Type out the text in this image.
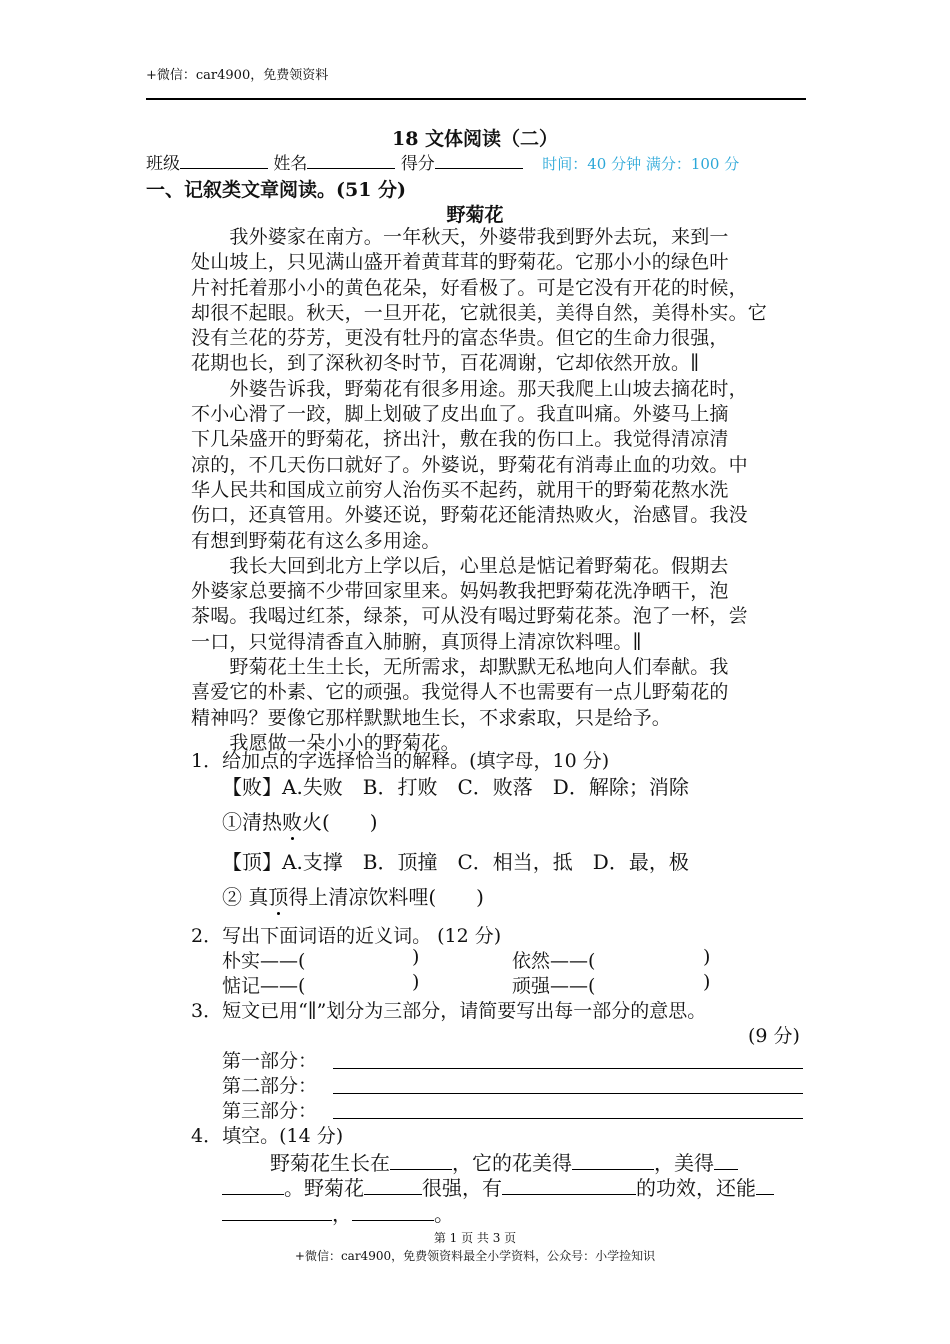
+微信：car4900，免费领资料
18 文体阅读（二）
班级	姓名	得分	时间：40 分钟 满分：100 分
一、记叙类文章阅读。(51 分)
野菊花
　　我外婆家在南方。一年秋天，外婆带我到野外去玩，来到一
处山坡上，只见满山盛开着黄茸茸的野菊花。它那小小的绿色叶
片衬托着那小小的黄色花朵，好看极了。可是它没有开花的时候，
却很不起眼。秋天，一旦开花，它就很美，美得自然，美得朴实。它
没有兰花的芬芳，更没有牡丹的富态华贵。但它的生命力很强，
花期也长，到了深秋初冬时节，百花凋谢，它却依然开放。∥
　　外婆告诉我，野菊花有很多用途。那天我爬上山坡去摘花时，
不小心滑了一跤，脚上划破了皮出血了。我直叫痛。外婆马上摘
下几朵盛开的野菊花，挤出汁，敷在我的伤口上。我觉得清凉清
凉的，不几天伤口就好了。外婆说，野菊花有消毒止血的功效。中
华人民共和国成立前穷人治伤买不起药，就用干的野菊花熬水洗
伤口，还真管用。外婆还说，野菊花还能清热败火，治感冒。我没
有想到野菊花有这么多用途。
　　我长大回到北方上学以后，心里总是惦记着野菊花。假期去
外婆家总要摘不少带回家里来。妈妈教我把野菊花洗净晒干，泡
茶喝。我喝过红茶，绿茶，可从没有喝过野菊花茶。泡了一杯，尝
一口，只觉得清香直入肺腑，真顶得上清凉饮料哩。∥
　　野菊花土生土长，无所需求，却默默无私地向人们奉献。我
喜爱它的朴素、它的顽强。我觉得人不也需要有一点儿野菊花的
精神吗？要像它那样默默地生长，不求索取，只是给予。
　　我愿做一朵小小的野菊花。
1．给加点的字选择恰当的解释。(填字母，10 分)
【败】A.失败　B．打败　C．败落　D．解除；消除
①清热败火(　　)
【顶】A.支撑　B．顶撞　C．相当，抵　D．最，极
② 真顶得上清凉饮料哩(　　)
2．写出下面词语的近义词。 (12 分)
朴实——(	)	依然——(	)
惦记——(	)	顽强——(	)
3．短文已用“∥”划分为三部分，请简要写出每一部分的意思。
(9 分)
第一部分：
第二部分：
第三部分：
4．填空。(14 分)
野菊花生长在	，它的花美得	，美得
。野菊花	很强，有	的功效，还能
，	。
第 1 页 共 3 页
+微信：car4900，免费领资料最全小学资料，公众号：小学捡知识
